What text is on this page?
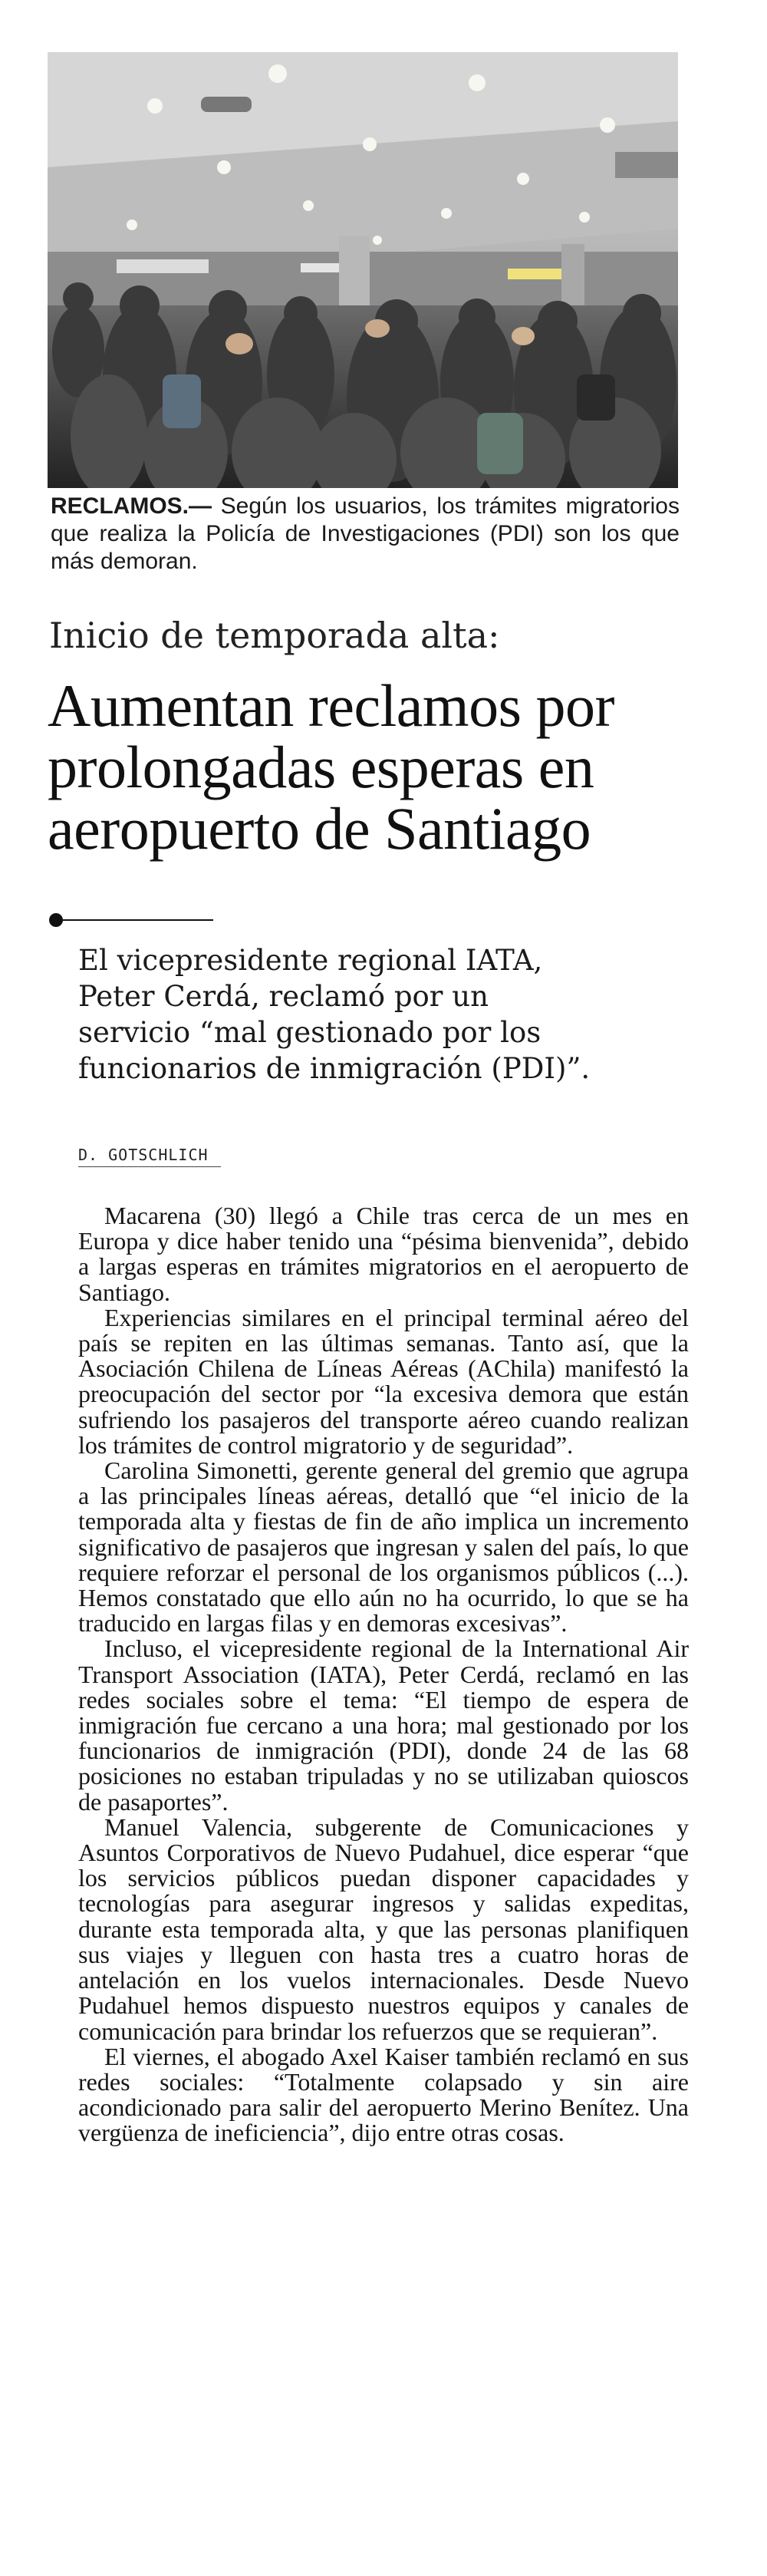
RECLAMOS.— Según los usuarios, los trámites migratorios que realiza la Policía de Investigaciones (PDI) son los que más demoran.
Inicio de temporada alta:
Aumentan reclamos por
prolongadas esperas en
aeropuerto de Santiago
El vicepresidente regional IATA,
Peter Cerdá, reclamó por un
servicio “mal gestionado por los
funcionarios de inmigración (PDI)”.
D. GOTSCHLICH

Macarena (30) llegó a Chile tras cerca de un mes en Europa y dice haber tenido una “pésima bienvenida”, debido a largas esperas en trámites migratorios en el aeropuerto de Santiago.

Experiencias similares en el principal terminal aéreo del país se repiten en las últimas semanas. Tanto así, que la Asociación Chilena de Líneas Aéreas (AChila) manifestó la preocupación del sector por “la excesiva demora que están sufriendo los pasajeros del transporte aéreo cuando realizan los trámites de control migratorio y de seguridad”.

Carolina Simonetti, gerente general del gremio que agrupa a las principales líneas aéreas, detalló que “el inicio de la temporada alta y fiestas de fin de año implica un incremento significativo de pasajeros que ingresan y salen del país, lo que requiere reforzar el personal de los organismos públicos (...). Hemos constatado que ello aún no ha ocurrido, lo que se ha traducido en largas filas y en demoras excesivas”.

Incluso, el vicepresidente regional de la International Air Transport Association (IATA), Peter Cerdá, reclamó en las redes sociales sobre el tema: “El tiempo de espera de inmigración fue cercano a una hora; mal gestionado por los funcionarios de inmigración (PDI), donde 24 de las 68 posiciones no estaban tripuladas y no se utilizaban quioscos de pasaportes”.

Manuel Valencia, subgerente de Comunicaciones y Asuntos Corporativos de Nuevo Pudahuel, dice esperar “que los servicios públicos puedan disponer capacidades y tecnologías para asegurar ingresos y salidas expeditas, durante esta temporada alta, y que las personas planifiquen sus viajes y lleguen con hasta tres a cuatro horas de antelación en los vuelos internacionales. Desde Nuevo Pudahuel hemos dispuesto nuestros equipos y canales de comunicación para brindar los refuerzos que se requieran”.

El viernes, el abogado Axel Kaiser también reclamó en sus redes sociales: “Totalmente colapsado y sin aire acondicionado para salir del aeropuerto Merino Benítez. Una vergüenza de ineficiencia”, dijo entre otras cosas.
